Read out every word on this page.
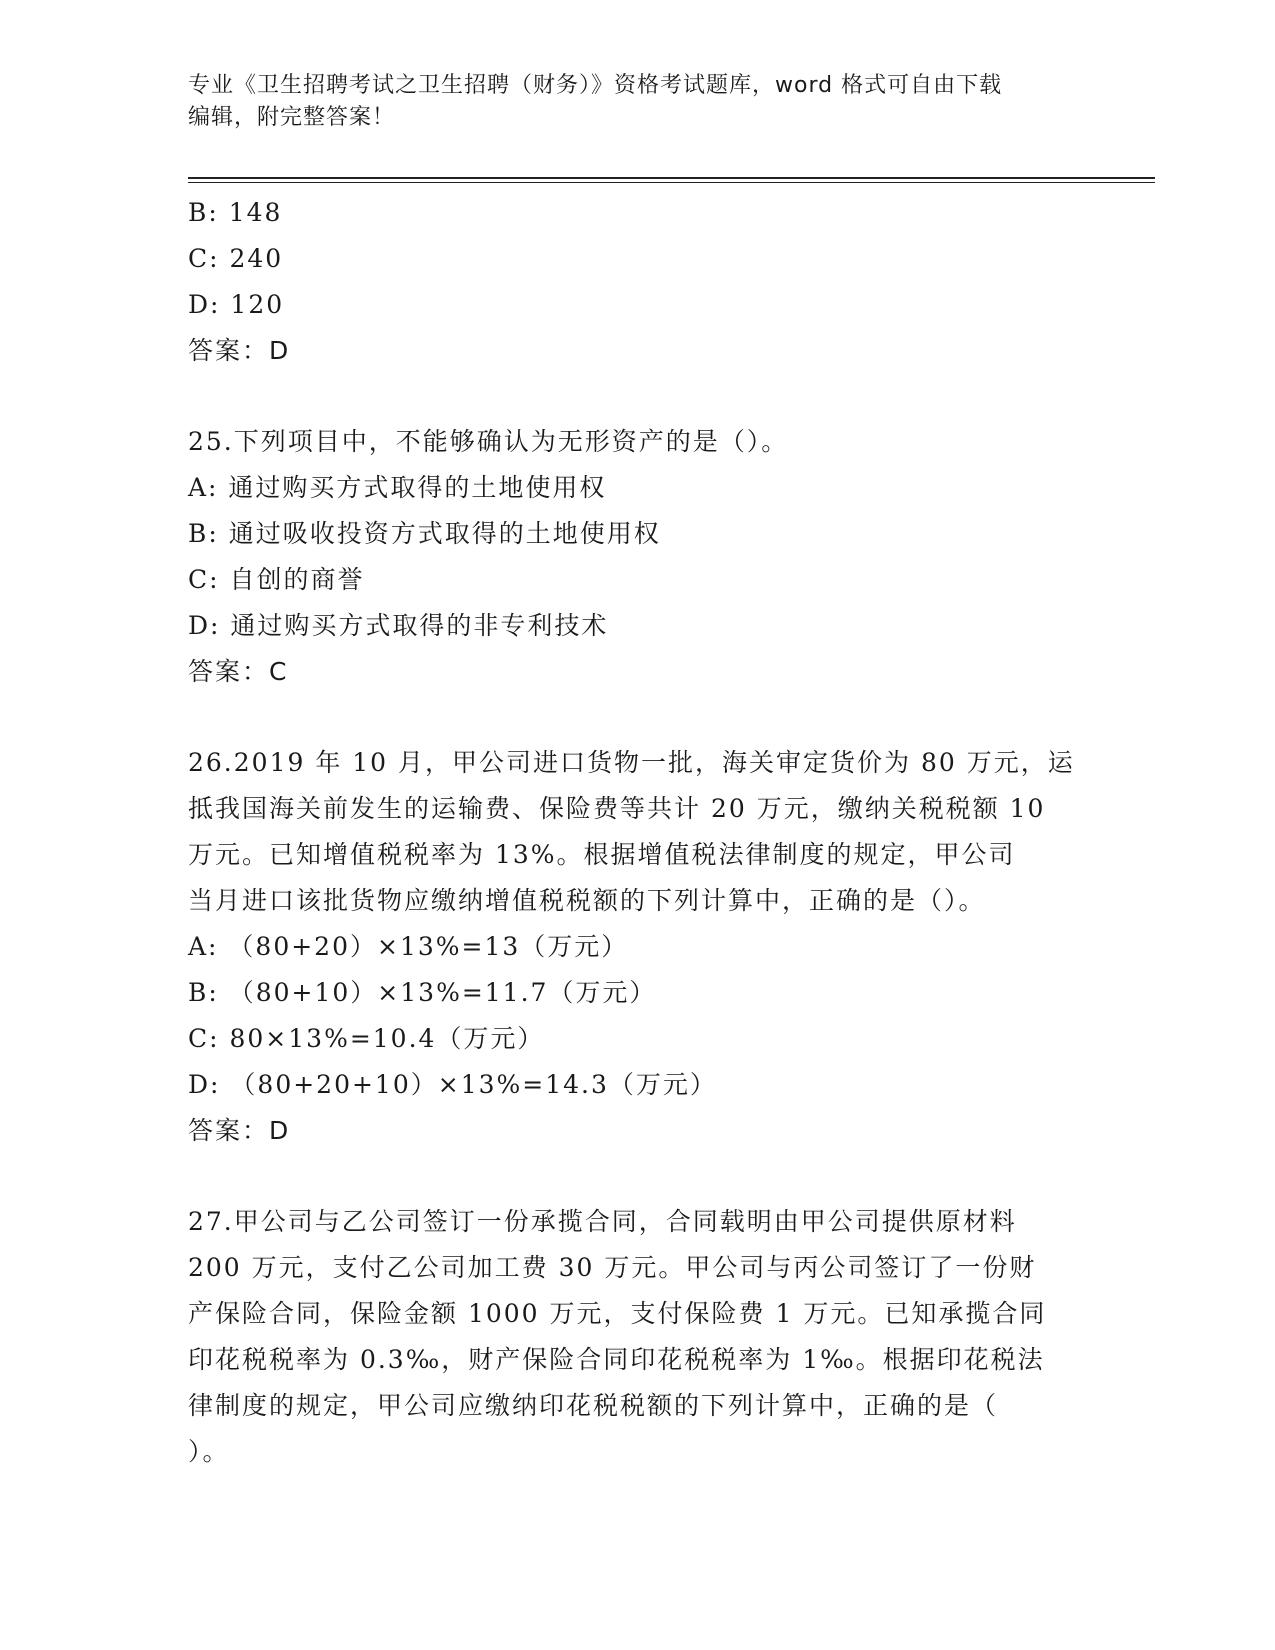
专业《卫生招聘考试之卫生招聘（财务）》资格考试题库，word 格式可自由下载
编辑，附完整答案！
B: 148
C: 240
D: 120
答案：D
25.下列项目中，不能够确认为无形资产的是（）。
A: 通过购买方式取得的土地使用权
B: 通过吸收投资方式取得的土地使用权
C: 自创的商誉
D: 通过购买方式取得的非专利技术
答案：C
26.2019 年 10 月，甲公司进口货物一批，海关审定货价为 80 万元，运
抵我国海关前发生的运输费、保险费等共计 20 万元，缴纳关税税额 10
万元。已知增值税税率为 13%。根据增值税法律制度的规定，甲公司
当月进口该批货物应缴纳增值税税额的下列计算中，正确的是（）。
A: （80+20）×13%=13（万元）
B: （80+10）×13%=11.7（万元）
C: 80×13%=10.4（万元）
D: （80+20+10）×13%=14.3（万元）
答案：D
27.甲公司与乙公司签订一份承揽合同，合同载明由甲公司提供原材料
200 万元，支付乙公司加工费 30 万元。甲公司与丙公司签订了一份财
产保险合同，保险金额 1000 万元，支付保险费 1 万元。已知承揽合同
印花税税率为 0.3‰，财产保险合同印花税税率为 1‰。根据印花税法
律制度的规定，甲公司应缴纳印花税税额的下列计算中，正确的是（
）。
